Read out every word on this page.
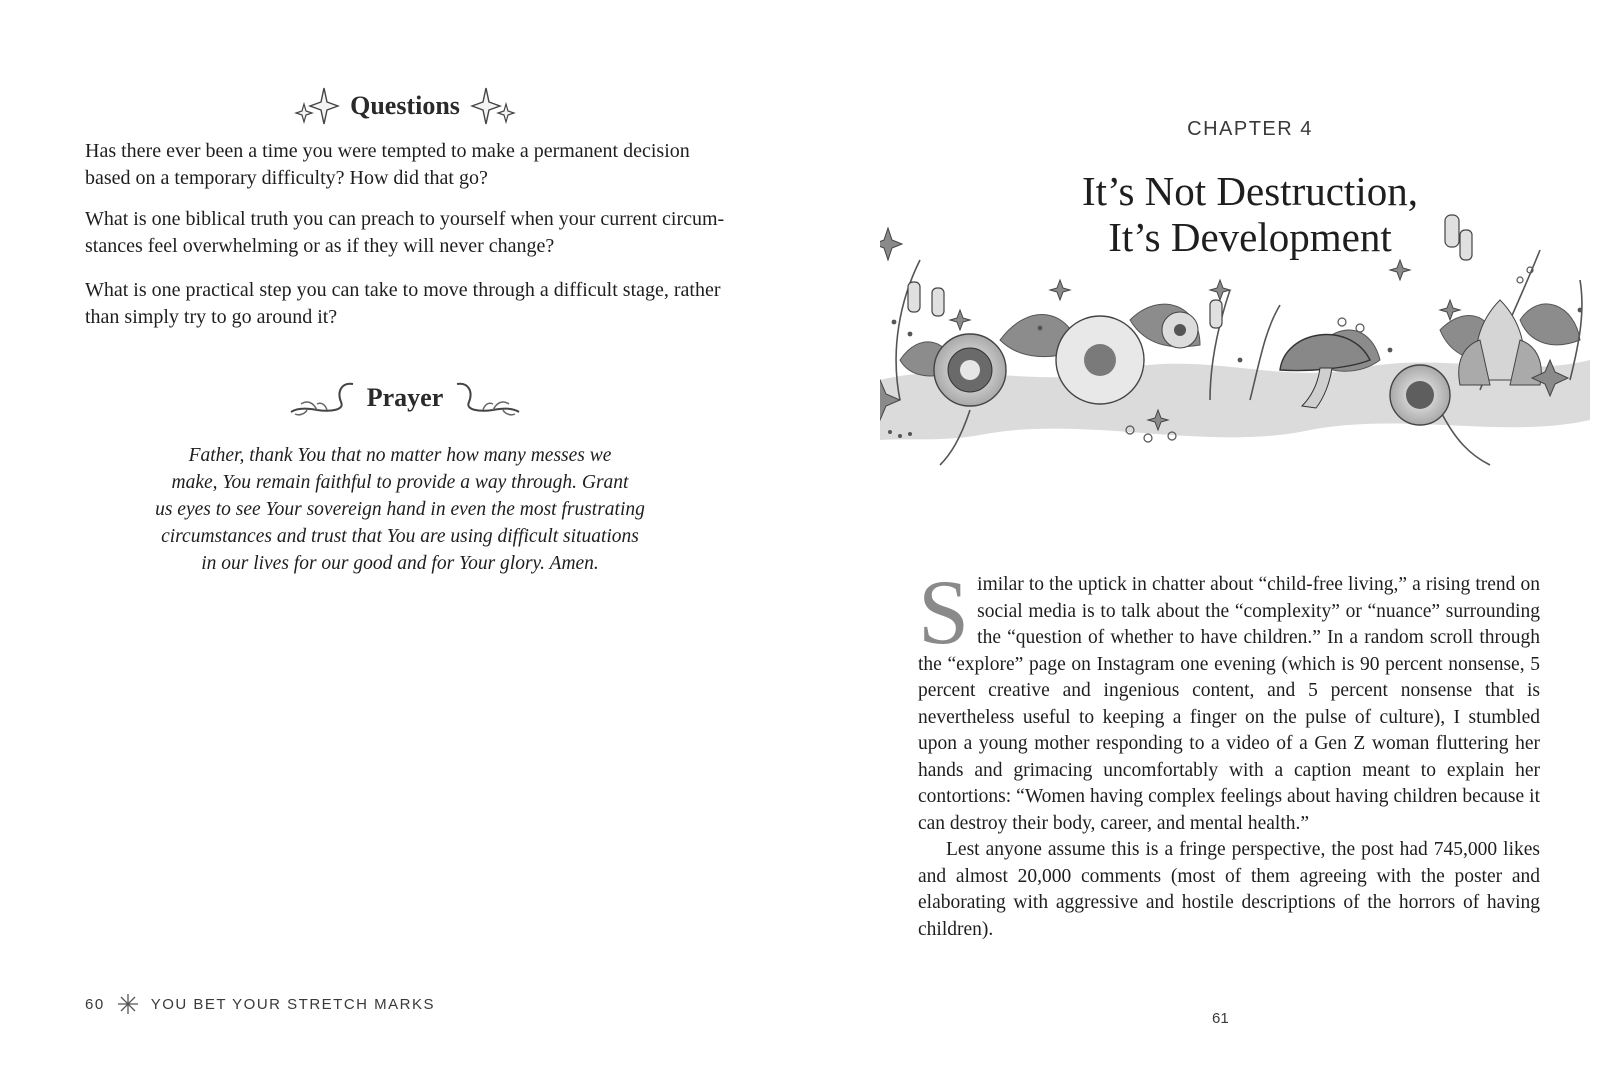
Questions

Has there ever been a time you were tempted to make a permanent decision
based on a temporary difficulty? How did that go?

What is one biblical truth you can preach to yourself when your current circum-
stances feel overwhelming or as if they will never change?

What is one practical step you can take to move through a difficult stage, rather
than simply try to go around it?

Prayer
Father, thank You that no matter how many messes we
make, You remain faithful to provide a way through. Grant
us eyes to see Your sovereign hand in even the most frustrating
circumstances and trust that You are using difficult situations
in our lives for our good and for Your glory. Amen.
60	YOU BET YOUR STRETCH MARKS
CHAPTER 4
It’s Not Destruction,
It’s Development

Similar to the uptick in chatter about “child-free living,” a rising trend on social media is to talk about the “complexity” or “nuance” surrounding the “question of whether to have children.” In a random scroll through the “explore” page on Instagram one evening (which is 90 percent nonsense, 5 percent creative and ingenious content, and 5 percent nonsense that is nevertheless useful to keeping a finger on the pulse of culture), I stumbled upon a young mother responding to a video of a Gen Z woman fluttering her hands and grimacing uncomfortably with a caption meant to explain her contortions: “Women having complex feelings about having children because it can destroy their body, career, and mental health.”

Lest anyone assume this is a fringe perspective, the post had 745,000 likes and almost 20,000 comments (most of them agreeing with the poster and elaborating with aggressive and hostile descriptions of the horrors of having children).

61
